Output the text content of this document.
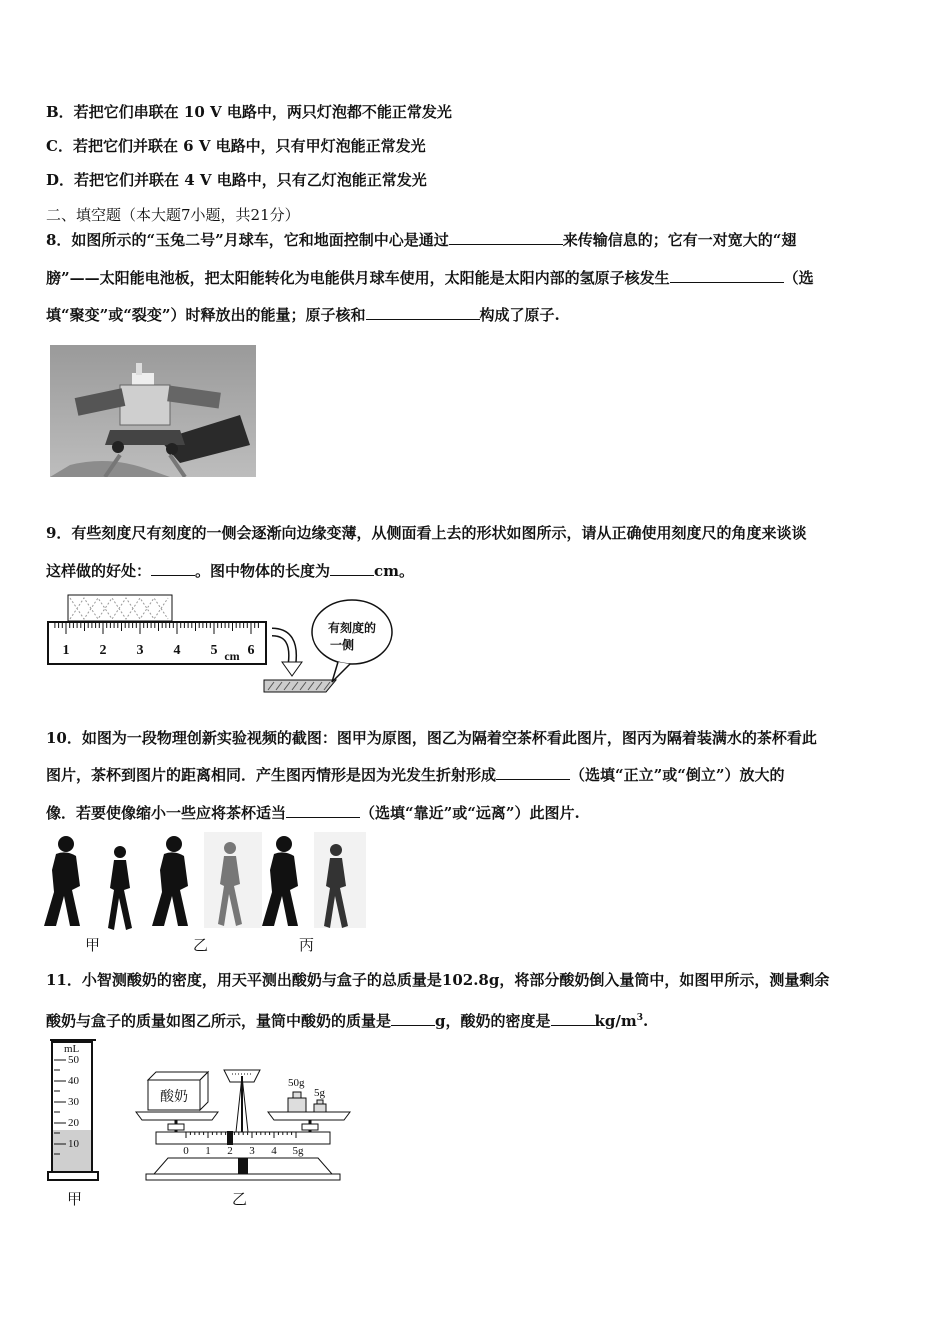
B．若把它们串联在 10 V 电路中，两只灯泡都不能正常发光
C．若把它们并联在 6 V 电路中，只有甲灯泡能正常发光
D．若把它们并联在 4 V 电路中，只有乙灯泡能正常发光
二、填空题（本大题7小题，共21分）
8．如图所示的“玉兔二号”月球车，它和地面控制中心是通过	来传输信息的；它有一对宽大的“翅
膀”——太阳能电池板，把太阳能转化为电能供月球车使用，太阳能是太阳内部的氢原子核发生	（选
填“聚变”或“裂变”）时释放出的能量；原子核和	构成了原子.
9．有些刻度尺有刻度的一侧会逐渐向边缘变薄，从侧面看上去的形状如图所示，请从正确使用刻度尺的角度来谈谈
这样做的好处：	。图中物体的长度为	cm。
1 2 3 4 5 6
cm
有刻度的
一侧
10．如图为一段物理创新实验视频的截图：图甲为原图，图乙为隔着空茶杯看此图片，图丙为隔着装满水的茶杯看此
图片，茶杯到图片的距离相同．产生图丙情形是因为光发生折射形成	（选填“正立”或“倒立”）放大的
像．若要使像缩小一些应将茶杯适当	（选填“靠近”或“远离”）此图片.
甲	乙	丙
11．小智测酸奶的密度，用天平测出酸奶与盒子的总质量是102.8g，将部分酸奶倒入量筒中，如图甲所示，测量剩余
酸奶与盒子的质量如图乙所示，量筒中酸奶的质量是	g，酸奶的密度是	$kg/m^3$.
mL
50
40
30
20
10
酸奶
50g
5g
0 1 2 3 4 5g
甲	乙
